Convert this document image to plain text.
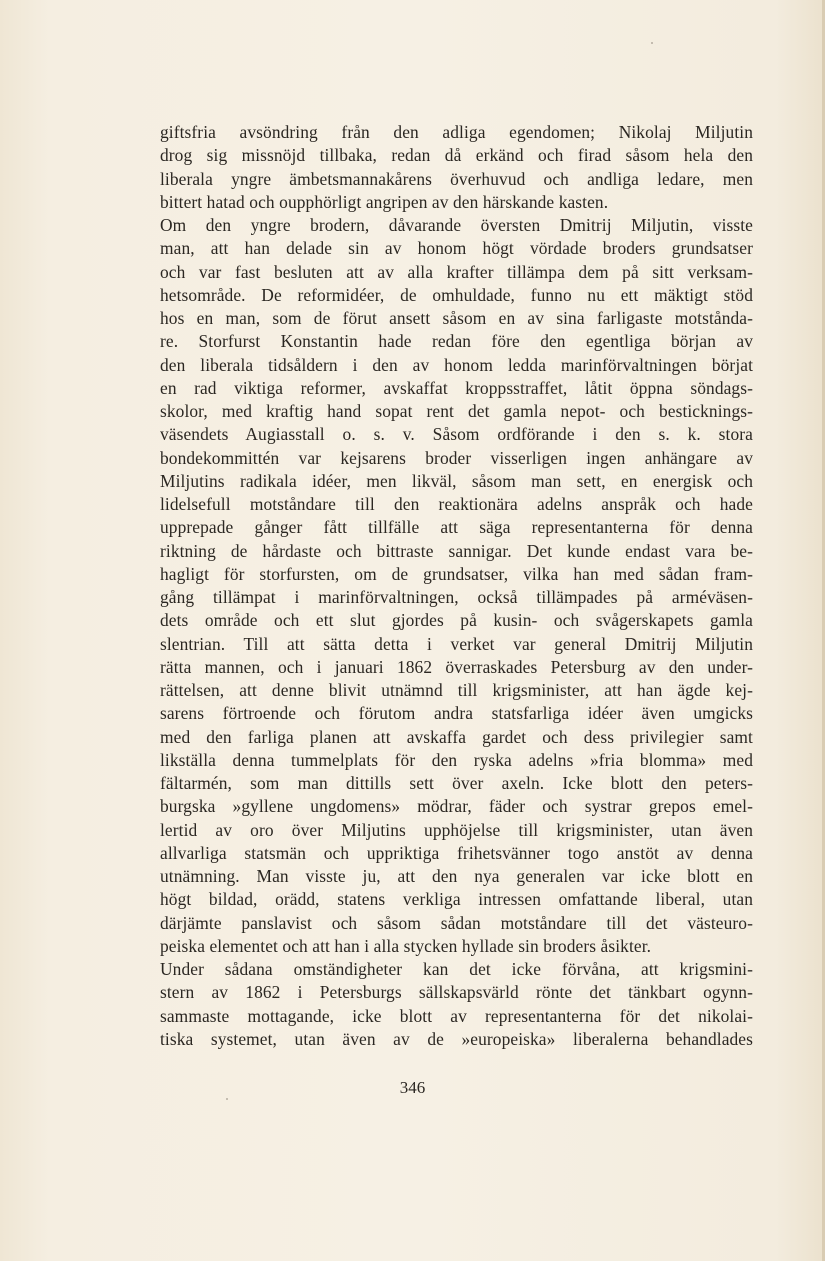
giftsfria avsöndring från den adliga egendomen; Nikolaj Miljutin
drog sig missnöjd tillbaka, redan då erkänd och firad såsom hela den
liberala yngre ämbetsmannakårens överhuvud och andliga ledare, men
bittert hatad och oupphörligt angripen av den härskande kasten.
Om den yngre brodern, dåvarande översten Dmitrij Miljutin, visste
man, att han delade sin av honom högt vördade broders grundsatser
och var fast besluten att av alla krafter tillämpa dem på sitt verksam-
hetsområde. De reformidéer, de omhuldade, funno nu ett mäktigt stöd
hos en man, som de förut ansett såsom en av sina farligaste motstånda-
re. Storfurst Konstantin hade redan före den egentliga början av
den liberala tidsåldern i den av honom ledda marinförvaltningen börjat
en rad viktiga reformer, avskaffat kroppsstraffet, låtit öppna söndags-
skolor, med kraftig hand sopat rent det gamla nepot- och besticknings-
väsendets Augiasstall o. s. v. Såsom ordförande i den s. k. stora
bondekommittén var kejsarens broder visserligen ingen anhängare av
Miljutins radikala idéer, men likväl, såsom man sett, en energisk och
lidelsefull motståndare till den reaktionära adelns anspråk och hade
upprepade gånger fått tillfälle att säga representanterna för denna
riktning de hårdaste och bittraste sannigar. Det kunde endast vara be-
hagligt för storfursten, om de grundsatser, vilka han med sådan fram-
gång tillämpat i marinförvaltningen, också tillämpades på arméväsen-
dets område och ett slut gjordes på kusin- och svågerskapets gamla
slentrian. Till att sätta detta i verket var general Dmitrij Miljutin
rätta mannen, och i januari 1862 överraskades Petersburg av den under-
rättelsen, att denne blivit utnämnd till krigsminister, att han ägde kej-
sarens förtroende och förutom andra statsfarliga idéer även umgicks
med den farliga planen att avskaffa gardet och dess privilegier samt
likställa denna tummelplats för den ryska adelns »fria blomma» med
fältarmén, som man dittills sett över axeln. Icke blott den peters-
burgska »gyllene ungdomens» mödrar, fäder och systrar grepos emel-
lertid av oro över Miljutins upphöjelse till krigsminister, utan även
allvarliga statsmän och uppriktiga frihetsvänner togo anstöt av denna
utnämning. Man visste ju, att den nya generalen var icke blott en
högt bildad, orädd, statens verkliga intressen omfattande liberal, utan
därjämte panslavist och såsom sådan motståndare till det västeuro-
peiska elementet och att han i alla stycken hyllade sin broders åsikter.
Under sådana omständigheter kan det icke förvåna, att krigsmini-
stern av 1862 i Petersburgs sällskapsvärld rönte det tänkbart ogynn-
sammaste mottagande, icke blott av representanterna för det nikolai-
tiska systemet, utan även av de »europeiska» liberalerna behandlades
346
